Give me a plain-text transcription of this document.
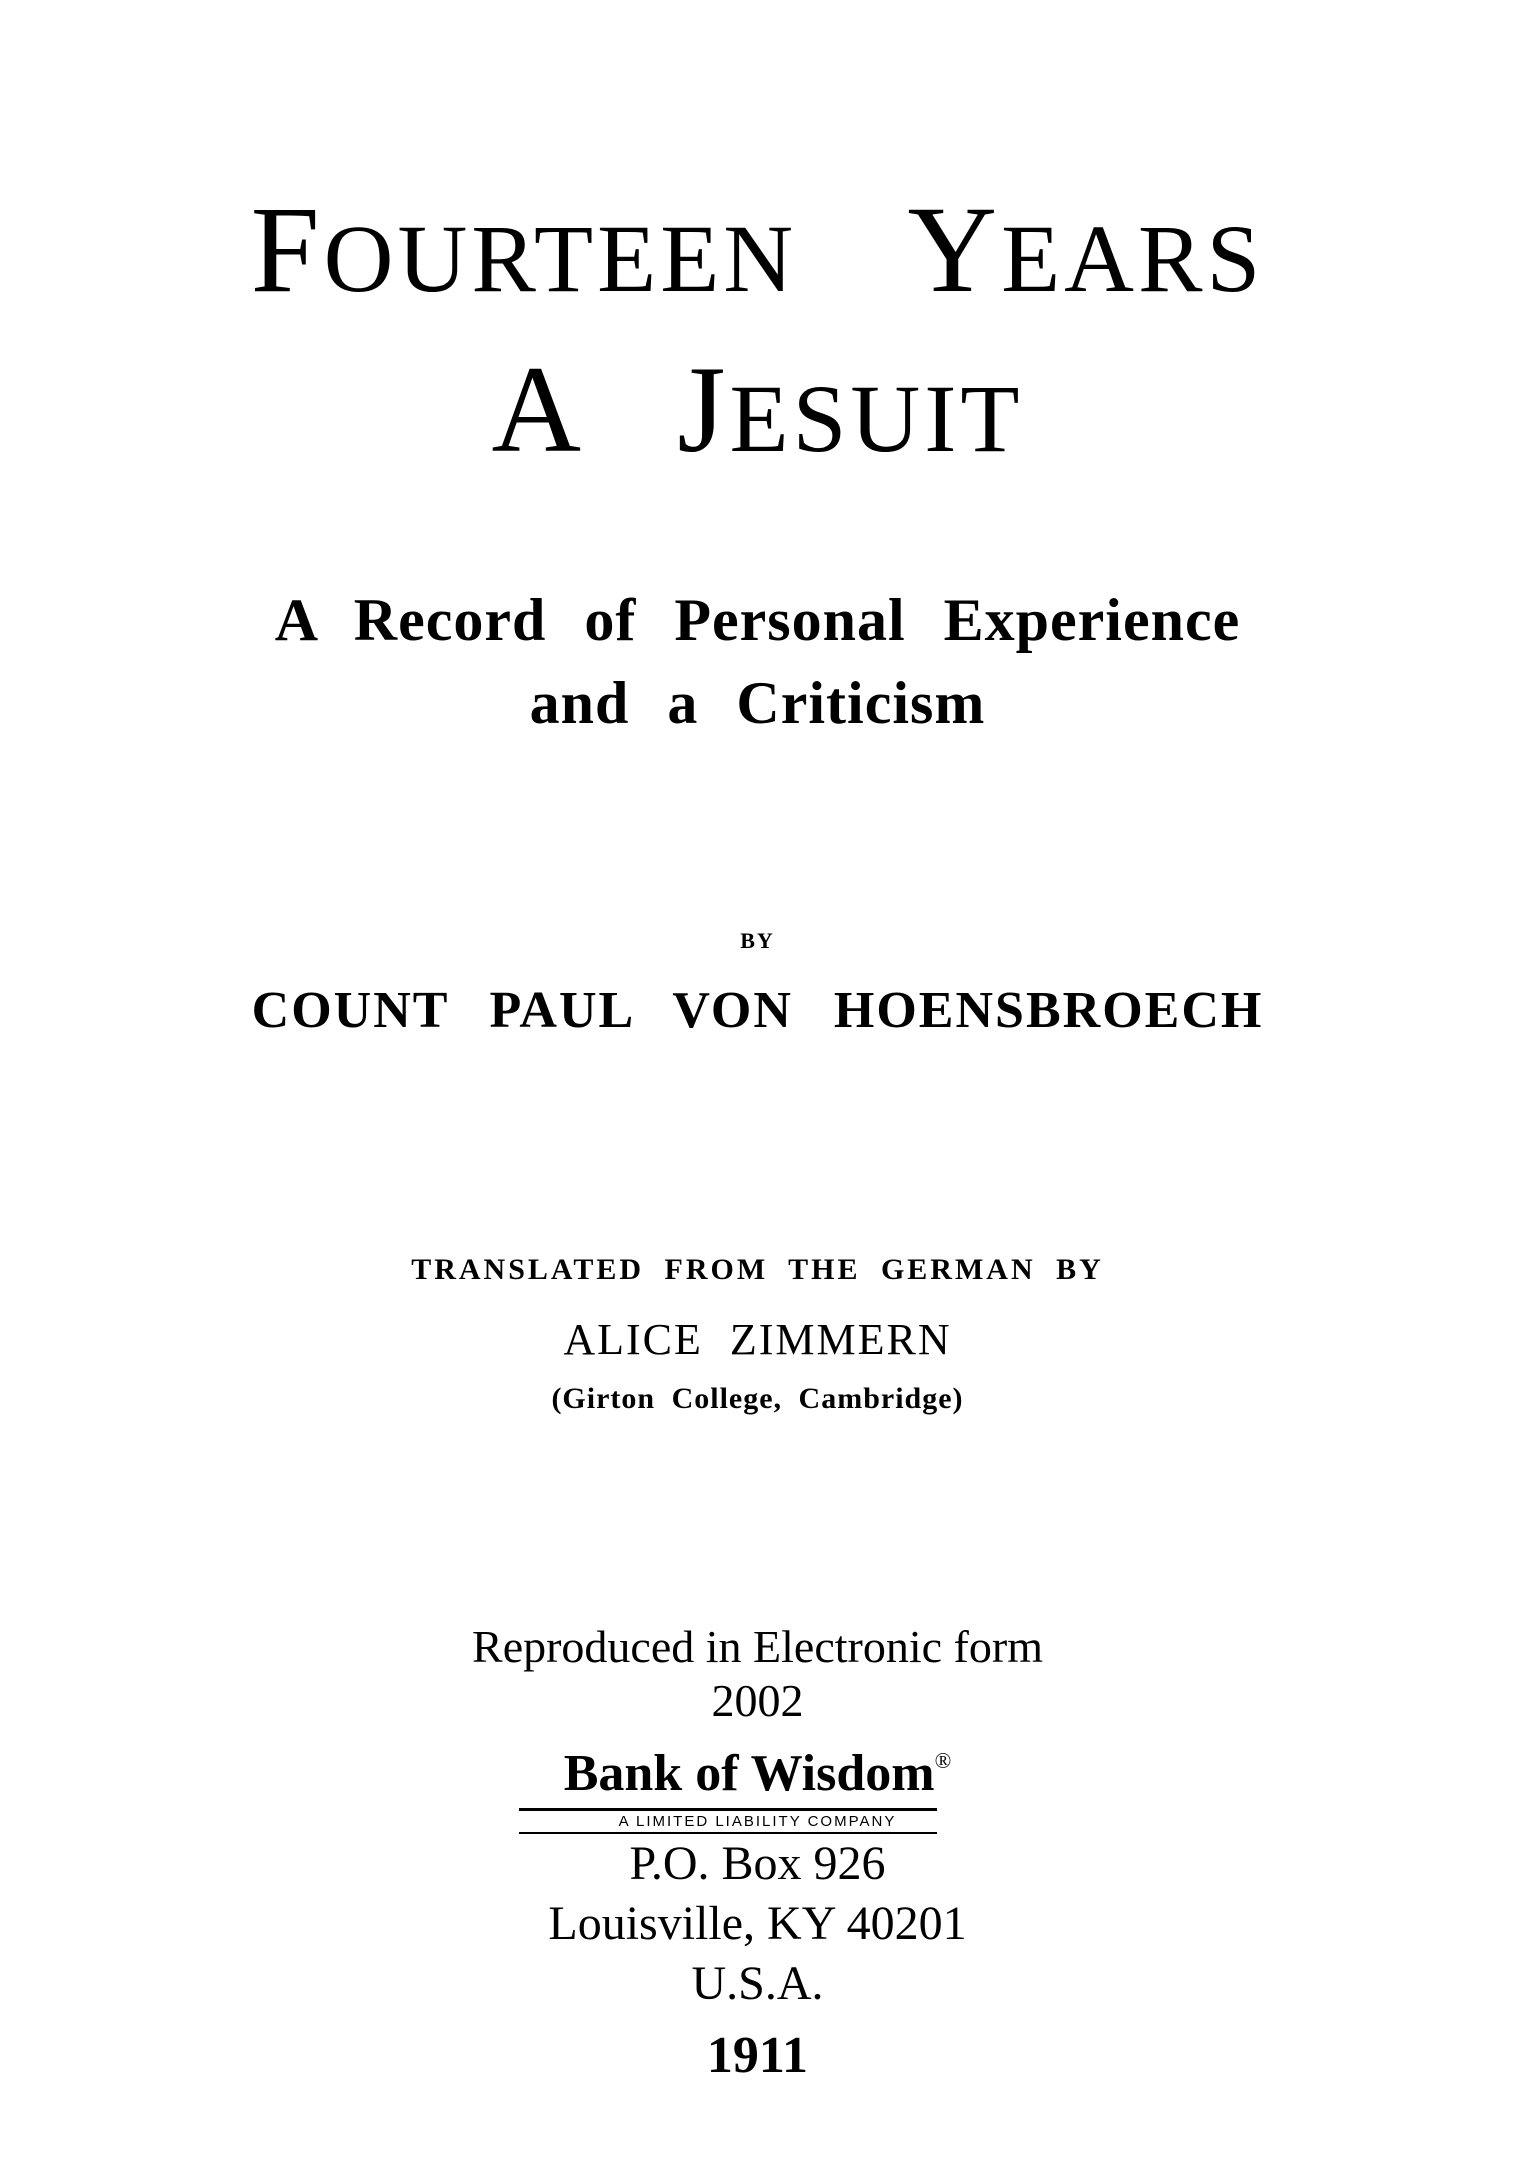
FOURTEEN YEARS
A JESUIT
A Record of Personal Experience
and a Criticism
BY
COUNT PAUL VON HOENSBROECH
TRANSLATED FROM THE GERMAN BY
ALICE ZIMMERN
(Girton College, Cambridge)
Reproduced in Electronic form
2002
Bank of Wisdom®
A LIMITED LIABILITY COMPANY
P.O. Box 926
Louisville, KY 40201
U.S.A.
1911
